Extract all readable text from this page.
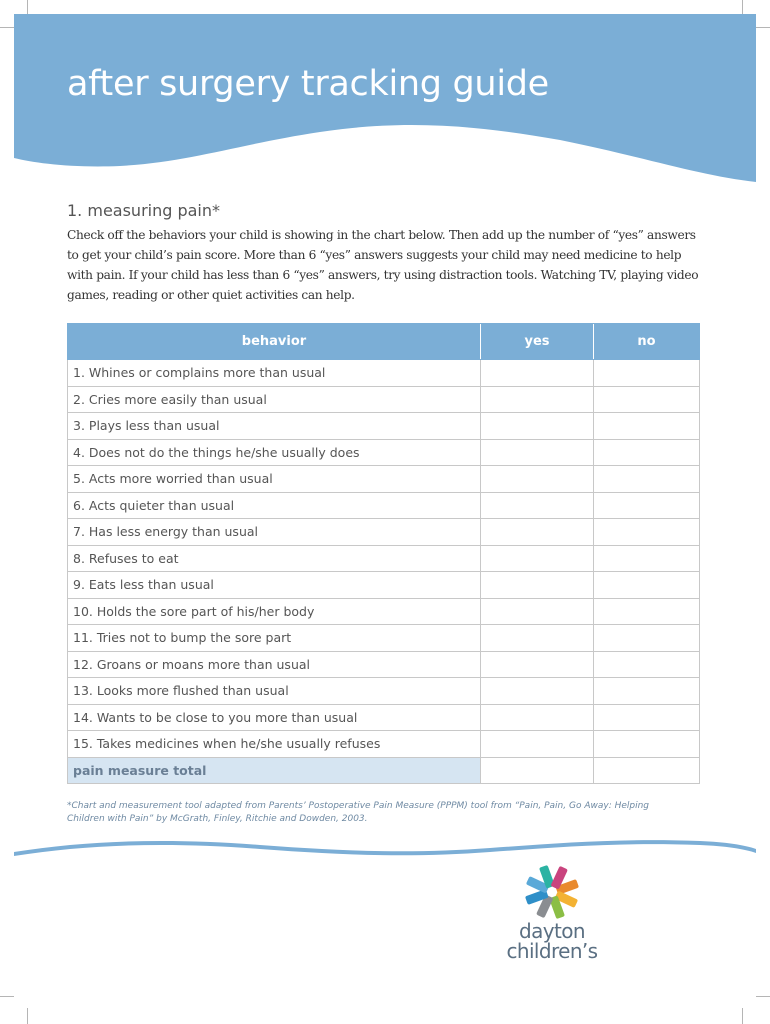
after surgery tracking guide
1. measuring pain*

Check off the behaviors your child is showing in the chart below. Then add up the number of “yes” answers to get your child’s pain score. More than 6 “yes” answers suggests your child may need medicine to help with pain. If your child has less than 6 “yes” answers, try using distraction tools. Watching TV, playing video games, reading or other quiet activities can help.

behavior	yes	no
1. Whines or complains more than usual
2. Cries more easily than usual
3. Plays less than usual
4. Does not do the things he/she usually does
5. Acts more worried than usual
6. Acts quieter than usual
7. Has less energy than usual
8. Refuses to eat
9. Eats less than usual
10. Holds the sore part of his/her body
11. Tries not to bump the sore part
12. Groans or moans more than usual
13. Looks more flushed than usual
14. Wants to be close to you more than usual
15. Takes medicines when he/she usually refuses
pain measure total

*Chart and measurement tool adapted from Parents’ Postoperative Pain Measure (PPPM) tool from “Pain, Pain, Go Away: Helping Children with Pain” by McGrath, Finley, Ritchie and Dowden, 2003.

dayton
children’s
